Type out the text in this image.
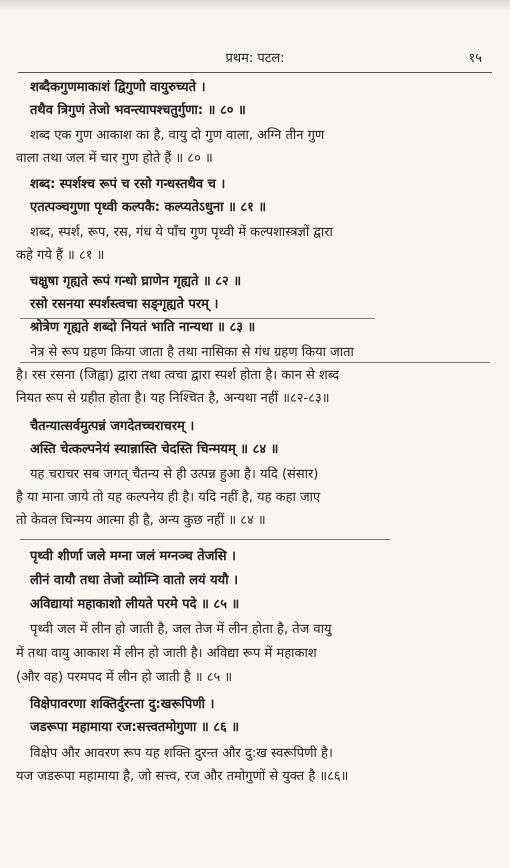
प्रथम: पटल:	१५
शब्दैकगुणमाकाशं द्विगुणो वायुरुच्यते ।
तथैव त्रिगुणं तेजो भवन्त्यापश्चतुर्गुणा: ॥ ८० ॥
शब्द एक गुण आकाश का है, वायु दो गुण वाला, अग्नि तीन गुण
वाला तथा जल में चार गुण होते हैं ॥ ८० ॥
शब्द: स्पर्शश्च रूपं च रसो गन्धस्तथैव च ।
एतत्पञ्चगुणा पृथ्वी कल्पकै: कल्प्यतेऽधुना ॥ ८१ ॥
शब्द, स्पर्श, रूप, रस, गंध ये पाँच गुण पृथ्वी में कल्पशास्त्रज्ञों द्वारा
कहे गये हैं ॥ ८१ ॥
चक्षुषा गृह्यते रूपं गन्धो घ्राणेन गृह्यते ॥ ८२ ॥
रसो रसनया स्पर्शस्त्वचा सङ्गृह्यते परम् ।
श्रोत्रेण गृह्यते शब्दो नियतं भाति नान्यथा ॥ ८३ ॥
नेत्र से रूप ग्रहण किया जाता है तथा नासिका से गंध ग्रहण किया जाता
है। रस रसना (जिह्वा) द्वारा तथा त्वचा द्वारा स्पर्श होता है। कान से शब्द
नियत रूप से ग्रहीत होता है। यह निश्चित है, अन्यथा नहीं ॥८२-८३॥
चैतन्यात्सर्वमुत्पन्नं जगदेतच्चराचरम् ।
अस्ति चेत्कल्पनेयं स्यान्नास्ति चेदस्ति चिन्मयम् ॥ ८४ ॥
यह चराचर सब जगत् चैतन्य से ही उत्पन्न हुआ है। यदि (संसार)
है या माना जाये तो यह कल्पनेय ही है। यदि नहीं है, यह कहा जाए
तो केवल चिन्मय आत्मा ही है, अन्य कुछ नहीं ॥ ८४ ॥
पृथ्वी शीर्णा जले मग्ना जलं मग्नञ्च तेजसि ।
लीनं वायौ तथा तेजो व्योम्नि वातो लयं ययौ ।
अविद्यायां महाकाशो लीयते परमे पदे ॥ ८५ ॥
पृथ्वी जल में लीन हो जाती है, जल तेज में लीन होता है, तेज वायु
में तथा वायु आकाश में लीन हो जाती है। अविद्या रूप में महाकाश
(और वह) परमपद में लीन हो जाती है ॥ ८५ ॥
विक्षेपावरणा शक्तिर्दुरन्ता दु:खरूपिणी ।
जडरूपा महामाया रज:सत्त्वतमोगुणा ॥ ८६ ॥
विक्षेप और आवरण रूप यह शक्ति दुरन्त और दु:ख स्वरूपिणी है।
यज जडरूपा महामाया है, जो सत्त्व, रज और तमोगुणों से युक्त है ॥८६॥
